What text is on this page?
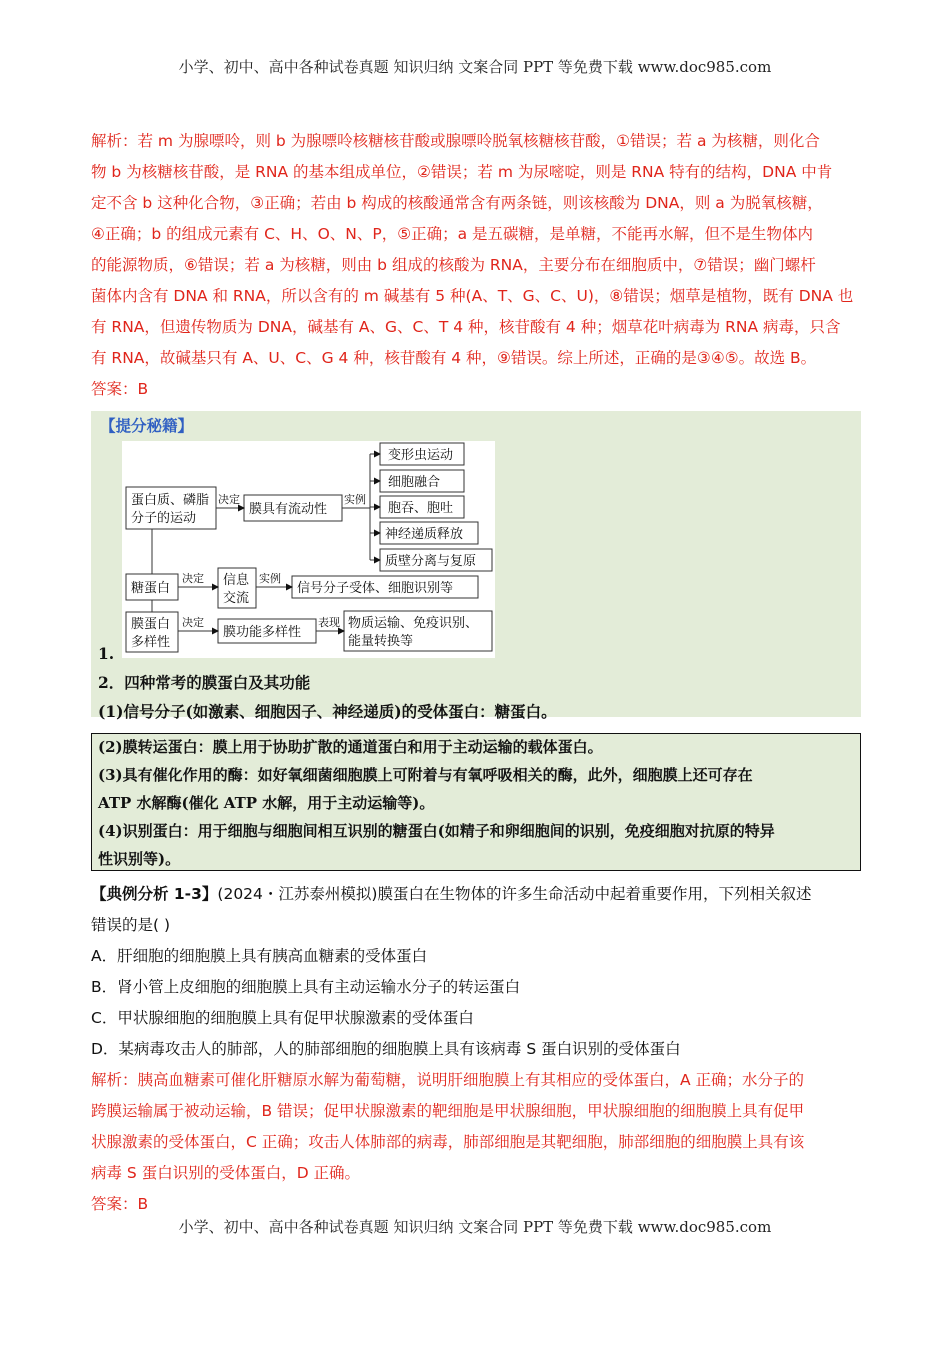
小学、初中、高中各种试卷真题 知识归纳 文案合同 PPT 等免费下载 www.doc985.com
解析：若 m 为腺嘌呤，则 b 为腺嘌呤核糖核苷酸或腺嘌呤脱氧核糖核苷酸，①错误；若 a 为核糖，则化合
物 b 为核糖核苷酸，是 RNA 的基本组成单位，②错误；若 m 为尿嘧啶，则是 RNA 特有的结构，DNA 中肯
定不含 b 这种化合物，③正确；若由 b 构成的核酸通常含有两条链，则该核酸为 DNA，则 a 为脱氧核糖，
④正确；b 的组成元素有 C、H、O、N、P，⑤正确；a 是五碳糖，是单糖，不能再水解，但不是生物体内
的能源物质，⑥错误；若 a 为核糖，则由 b 组成的核酸为 RNA，主要分布在细胞质中，⑦错误；幽门螺杆
菌体内含有 DNA 和 RNA，所以含有的 m 碱基有 5 种(A、T、G、C、U)，⑧错误；烟草是植物，既有 DNA 也
有 RNA，但遗传物质为 DNA，碱基有 A、G、C、T 4 种，核苷酸有 4 种；烟草花叶病毒为 RNA 病毒，只含
有 RNA，故碱基只有 A、U、C、G 4 种，核苷酸有 4 种，⑨错误。综上所述，正确的是③④⑤。故选 B。
答案：B
【提分秘籍】
蛋白质、磷脂
分子的运动
决定
膜具有流动性
实例
变形虫运动
细胞融合
胞吞、胞吐
神经递质释放
质壁分离与复原
糖蛋白
决定 信息
交流
实例
信号分子受体、细胞识别等
膜蛋白
多样性
决定
膜功能多样性
表现 物质运输、免疫识别、
能量转换等
1.
2．四种常考的膜蛋白及其功能
(1)信号分子(如激素、细胞因子、神经递质)的受体蛋白：糖蛋白。
(2)膜转运蛋白：膜上用于协助扩散的通道蛋白和用于主动运输的载体蛋白。
(3)具有催化作用的酶：如好氧细菌细胞膜上可附着与有氧呼吸相关的酶，此外，细胞膜上还可存在
ATP 水解酶(催化 ATP 水解，用于主动运输等)。
(4)识别蛋白：用于细胞与细胞间相互识别的糖蛋白(如精子和卵细胞间的识别，免疫细胞对抗原的特异
性识别等)。
【典例分析 1-3】(2024・江苏泰州模拟)膜蛋白在生物体的许多生命活动中起着重要作用，下列相关叙述
错误的是( )
A．肝细胞的细胞膜上具有胰高血糖素的受体蛋白
B．肾小管上皮细胞的细胞膜上具有主动运输水分子的转运蛋白
C．甲状腺细胞的细胞膜上具有促甲状腺激素的受体蛋白
D．某病毒攻击人的肺部，人的肺部细胞的细胞膜上具有该病毒 S 蛋白识别的受体蛋白
解析：胰高血糖素可催化肝糖原水解为葡萄糖，说明肝细胞膜上有其相应的受体蛋白，A 正确；水分子的
跨膜运输属于被动运输，B 错误；促甲状腺激素的靶细胞是甲状腺细胞，甲状腺细胞的细胞膜上具有促甲
状腺激素的受体蛋白，C 正确；攻击人体肺部的病毒，肺部细胞是其靶细胞，肺部细胞的细胞膜上具有该
病毒 S 蛋白识别的受体蛋白，D 正确。
答案：B
小学、初中、高中各种试卷真题 知识归纳 文案合同 PPT 等免费下载 www.doc985.com
